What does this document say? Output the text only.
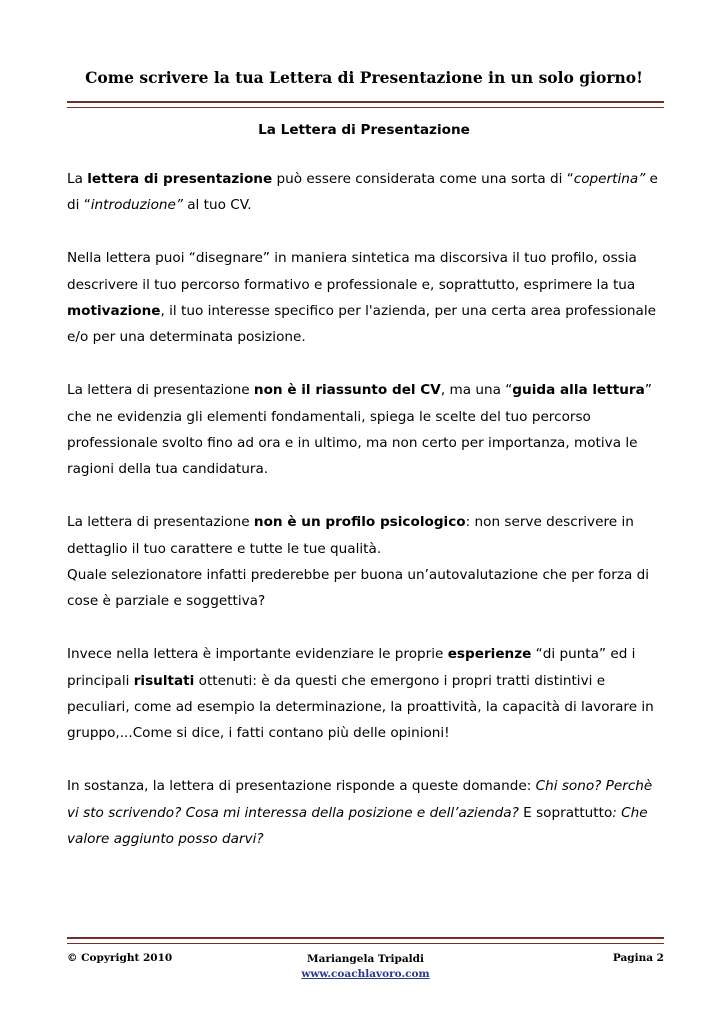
Come scrivere la tua Lettera di Presentazione in un solo giorno!
La Lettera di Presentazione

La lettera di presentazione può essere considerata come una sorta di “copertina” e di “introduzione” al tuo CV.

Nella lettera puoi “disegnare” in maniera sintetica ma discorsiva il tuo profilo, ossia descrivere il tuo percorso formativo e professionale e, soprattutto, esprimere la tua motivazione, il tuo interesse specifico per l'azienda, per una certa area professionale e/o per una determinata posizione.

La lettera di presentazione non è il riassunto del CV, ma una “guida alla lettura” che ne evidenzia gli elementi fondamentali, spiega le scelte del tuo percorso professionale svolto fino ad ora e in ultimo, ma non certo per importanza, motiva le ragioni della tua candidatura.

La lettera di presentazione non è un profilo psicologico: non serve descrivere in dettaglio il tuo carattere e tutte le tue qualità.
Quale selezionatore infatti prederebbe per buona un’autovalutazione che per forza di cose è parziale e soggettiva?

Invece nella lettera è importante evidenziare le proprie esperienze “di punta” ed i principali risultati ottenuti: è da questi che emergono i propri tratti distintivi e peculiari, come ad esempio la determinazione, la proattività, la capacità di lavorare in gruppo,...Come si dice, i fatti contano più delle opinioni!

In sostanza, la lettera di presentazione risponde a queste domande: Chi sono? Perchè vi sto scrivendo? Cosa mi interessa della posizione e dell’azienda? E soprattutto: Che valore aggiunto posso darvi?

© Copyright 2010	Mariangela Tripaldi
www.coachlavoro.com
Pagina 2
